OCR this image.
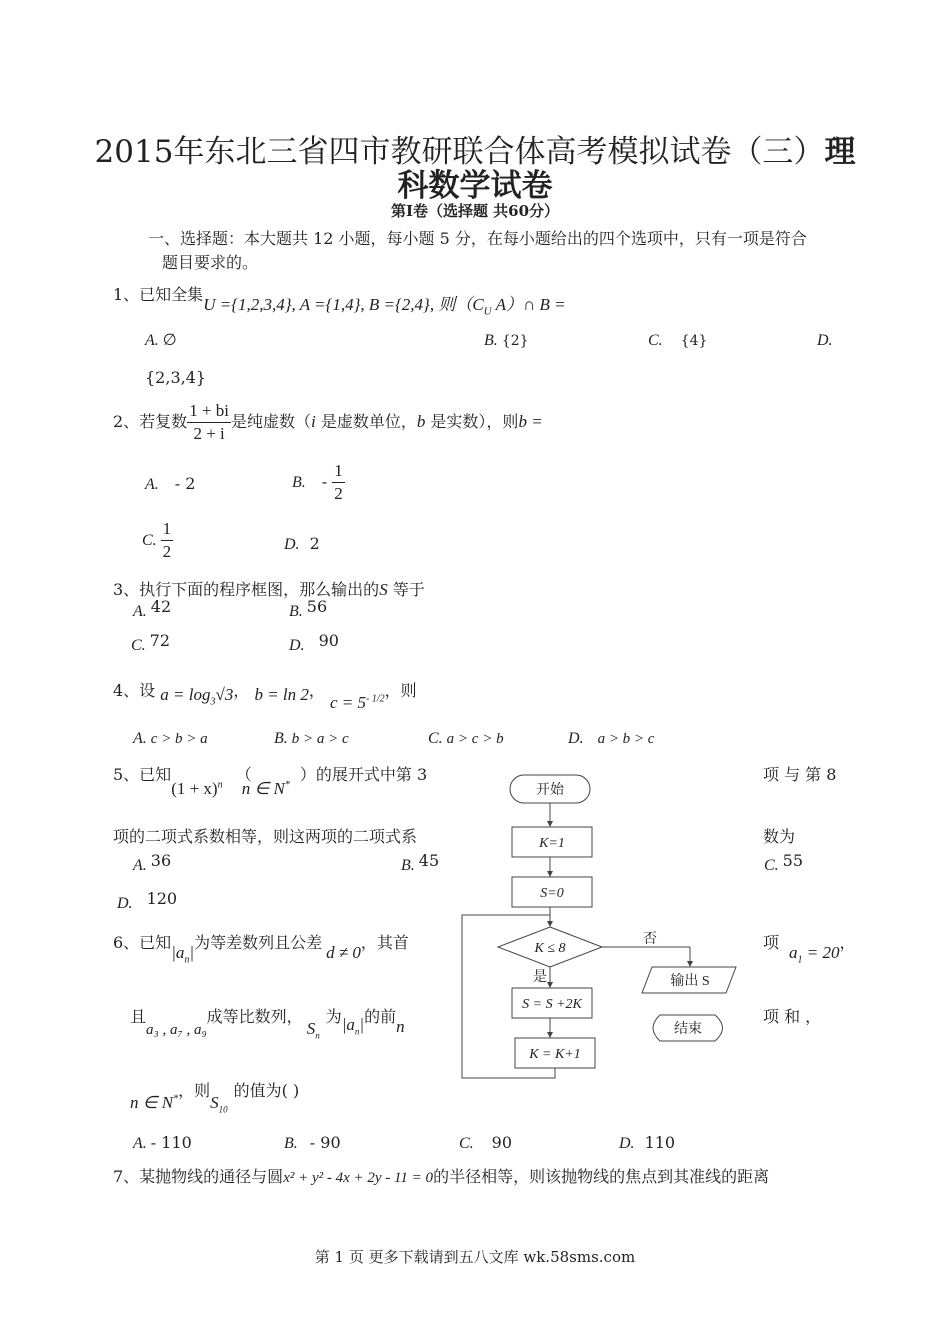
2015年东北三省四市教研联合体高考模拟试卷（三）理
科数学试卷
第Ⅰ卷（选择题 共60分）
一、选择题：本大题共 12 小题，每小题 5 分，在每小题给出的四个选项中，只有一项是符合
题目要求的。
1、已知全集U ={1,2,3,4}, A ={1,4}, B ={2,4}, 则（$C_U$ A）∩ B =
A. ∅	B. {2}	C. {4}	D.
{2,3,4}
2、若复数 $\frac{1 + bi}{2 + i}$ 是纯虚数（i 是虚数单位，b 是实数），则b =
A. - 2	B. - $\frac{1}{2}$
C. $\frac{1}{2}$	D. 2
3、执行下面的程序框图，那么输出的S 等于
A. 42	B. 56
C. 72	D. 90
4、设 $a = \log_3√3$， b = ln 2， $c = 5^{- 1/2}$，则
A. c > b > a	B. b > a > c	C. a > c > b	D. a > b > c
5、已知$(1 + x)^n$ （n ∈ N*）的展开式中第 3	项 与 第 8
项的二项式系数相等，则这两项的二项式系	数为
A. 36	B. 45	C. 55
D. 120
6、已知$|a_n|$为等差数列且公差d ≠ 0，其首	项$a_1 = 20$，
且a₃ , a₇ , a₉成等比数列，$S_n$为$|a_n|$的前n
项 和 ，
n ∈ N*，则$S_{10}$的值为( )
A. - 110	B. - 90	C. 90	D. 110
7、某抛物线的通径与圆x² + y² - 4x + 2y - 11 = 0的半径相等，则该抛物线的焦点到其准线的距离
开始
K=1
S=0
K ≤ 8
否
是	输出 S
S = S +2K
K = K+1
结束
第 1 页 更多下载请到五八文库 wk.58sms.com
